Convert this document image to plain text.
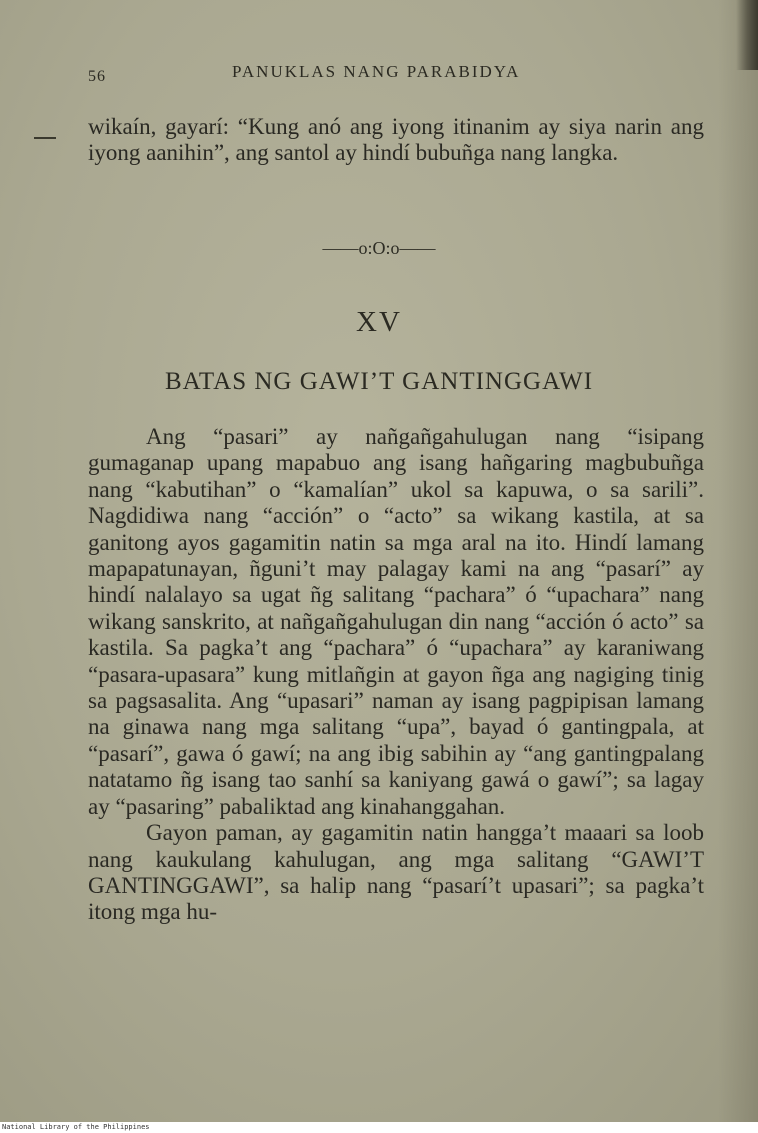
56	PANUKLAS NANG PARABIDYA

wikaín, gayarí: “Kung anó ang iyong itinanim ay siya narin ang iyong aanihin”, ang santol ay hindí bubuñga nang langka.

——o:O:o——
XV
BATAS NG GAWI’T GANTINGGAWI

Ang “pasari” ay nañgañgahulugan nang “isipang gumaganap upang mapabuo ang isang hañgaring magbubuñga nang “kabutihan” o “kamalían” ukol sa kapuwa, o sa sarili”. Nagdidiwa nang “acción” o “acto” sa wikang kastila, at sa ganitong ayos gagamitin natin sa mga aral na ito. Hindí lamang mapapatunayan, ñguni’t may palagay kami na ang “pasarí” ay hindí nalalayo sa ugat ñg salitang “pachara” ó “upachara” nang wikang sanskrito, at nañgañgahulugan din nang “acción ó acto” sa kastila. Sa pagka’t ang “pachara” ó “upachara” ay karaniwang “pasara-upasara” kung mitlañgin at gayon ñga ang nagiging tinig sa pagsasalita. Ang “upasari” naman ay isang pagpipisan lamang na ginawa nang mga salitang “upa”, bayad ó gantingpala, at “pasarí”, gawa ó gawí; na ang ibig sabihin ay “ang gantingpalang natatamo ñg isang tao sanhí sa kaniyang gawá o gawí”; sa lagay ay “pasaring” pabaliktad ang kinahanggahan.

Gayon paman, ay gagamitin natin hangga’t maaari sa loob nang kaukulang kahulugan, ang mga salitang “GAWI’T GANTINGGAWI”, sa halip nang “pasarí’t upasari”; sa pagka’t itong mga hu-

National Library of the Philippines
